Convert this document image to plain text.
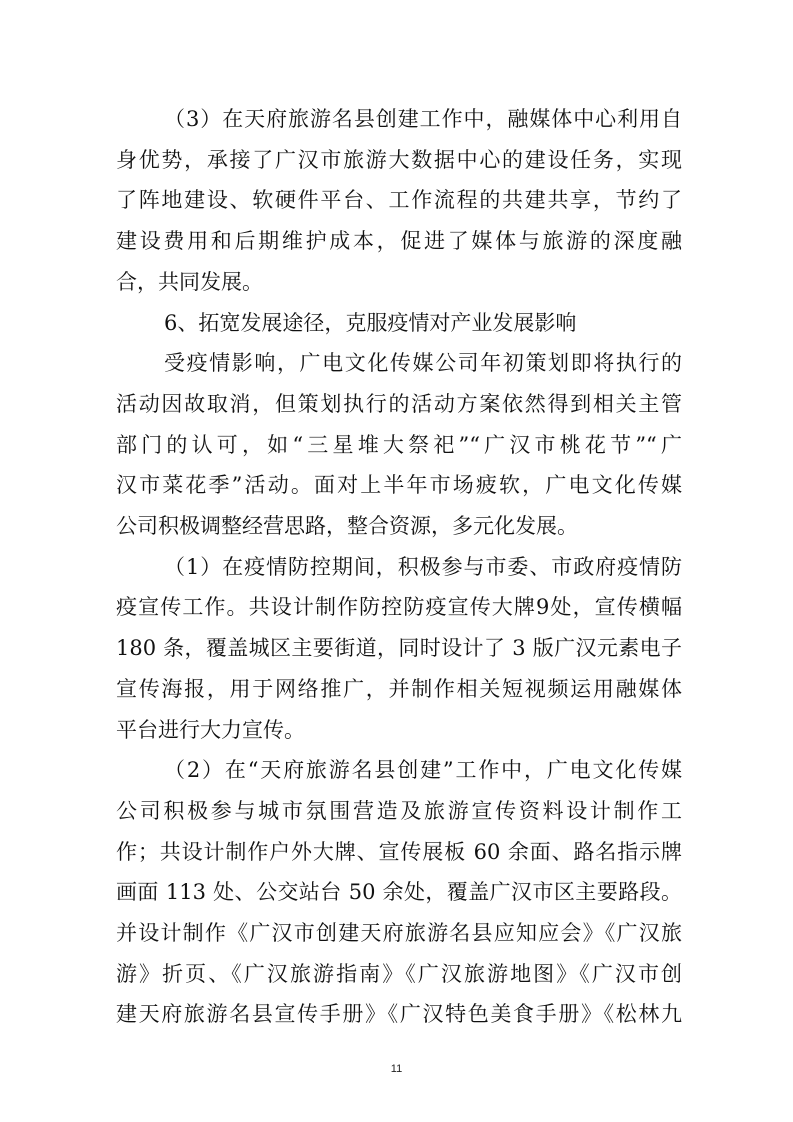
（3）在天府旅游名县创建工作中，融媒体中心利用自
身优势，承接了广汉市旅游大数据中心的建设任务，实现
了阵地建设、软硬件平台、工作流程的共建共享，节约了
建设费用和后期维护成本，促进了媒体与旅游的深度融
合，共同发展。
6、拓宽发展途径，克服疫情对产业发展影响
受疫情影响，广电文化传媒公司年初策划即将执行的
活动因故取消，但策划执行的活动方案依然得到相关主管
部门的认可，如“三星堆大祭祀”“广汉市桃花节”“广
汉市菜花季”活动。面对上半年市场疲软，广电文化传媒
公司积极调整经营思路，整合资源，多元化发展。
（1）在疫情防控期间，积极参与市委、市政府疫情防
疫宣传工作。共设计制作防控防疫宣传大牌9处，宣传横幅
180 条，覆盖城区主要街道，同时设计了 3 版广汉元素电子
宣传海报，用于网络推广，并制作相关短视频运用融媒体
平台进行大力宣传。
（2）在“天府旅游名县创建”工作中，广电文化传媒
公司积极参与城市氛围营造及旅游宣传资料设计制作工
作；共设计制作户外大牌、宣传展板 60 余面、路名指示牌
画面 113 处、公交站台 50 余处，覆盖广汉市区主要路段。
并设计制作《广汉市创建天府旅游名县应知应会》《广汉旅
11
游》折页、《广汉旅游指南》《广汉旅游地图》《广汉市创
建天府旅游名县宣传手册》《广汉特色美食手册》《松林九
